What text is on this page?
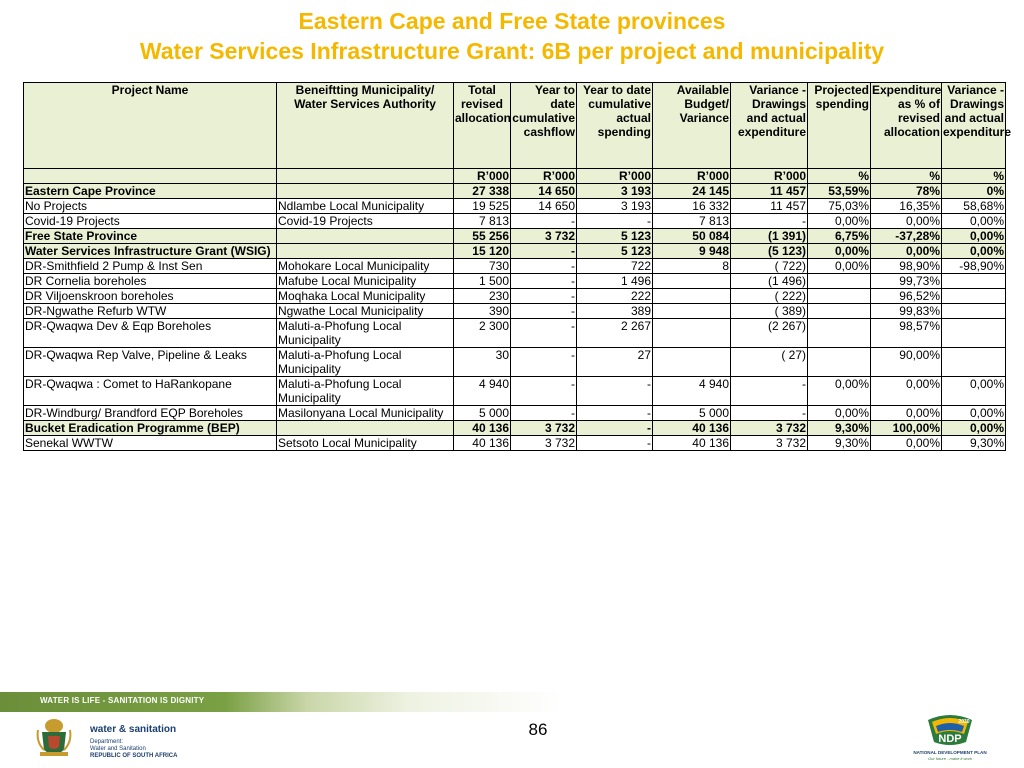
Eastern Cape and Free State provinces
Water Services Infrastructure Grant: 6B per project and municipality
Project Name	Beneiftting Municipality/ Water Services Authority	Total revised allocation	Year to date cumulative cashflow	Year to date cumulative actual spending	Available Budget/ Variance	Variance - Drawings and actual expenditure	Projected spending	Expenditure as % of revised allocation	Variance - Drawings and actual expenditure
		R’000	R’000	R’000	R’000	R’000	%	%	%
Eastern Cape Province		27 338	14 650	3 193	24 145	11 457	53,59%	78%	0%
No Projects	Ndlambe Local Municipality	19 525	14 650	3 193	16 332	11 457	75,03%	16,35%	58,68%
Covid-19 Projects	Covid-19 Projects	7 813	-	-	7 813	-	0,00%	0,00%	0,00%
Free State Province		55 256	3 732	5 123	50 084	(1 391)	6,75%	-37,28%	0,00%
Water Services Infrastructure Grant (WSIG)		15 120	-	5 123	9 948	(5 123)	0,00%	0,00%	0,00%
DR-Smithfield 2 Pump & Inst Sen	Mohokare Local Municipality	730	-	722	8	( 722)	0,00%	98,90%	-98,90%
DR Cornelia boreholes	Mafube Local Municipality	1 500	-	1 496		(1 496)		99,73%	
DR Viljoenskroon boreholes	Moqhaka Local Municipality	230	-	222		( 222)		96,52%	
DR-Ngwathe Refurb WTW	Ngwathe Local Municipality	390	-	389		( 389)		99,83%	
DR-Qwaqwa Dev & Eqp Boreholes	Maluti-a-Phofung Local Municipality	2 300	-	2 267		(2 267)		98,57%	
DR-Qwaqwa Rep Valve, Pipeline & Leaks	Maluti-a-Phofung Local Municipality	30	-	27		( 27)		90,00%	
DR-Qwaqwa : Comet to HaRankopane	Maluti-a-Phofung Local Municipality	4 940	-	-	4 940	-	0,00%	0,00%	0,00%
DR-Windburg/ Brandford EQP Boreholes	Masilonyana Local Municipality	5 000	-	-	5 000	-	0,00%	0,00%	0,00%
Bucket Eradication Programme (BEP)		40 136	3 732	-	40 136	3 732	9,30%	100,00%	0,00%
Senekal WWTW	Setsoto Local Municipality	40 136	3 732	-	40 136	3 732	9,30%	0,00%	9,30%
WATER IS LIFE - SANITATION IS DIGNITY
water & sanitation
Department:
Water and Sanitation
REPUBLIC OF SOUTH AFRICA
86	NDP
2030
NATIONAL DEVELOPMENT PLAN
Our future - make it work
